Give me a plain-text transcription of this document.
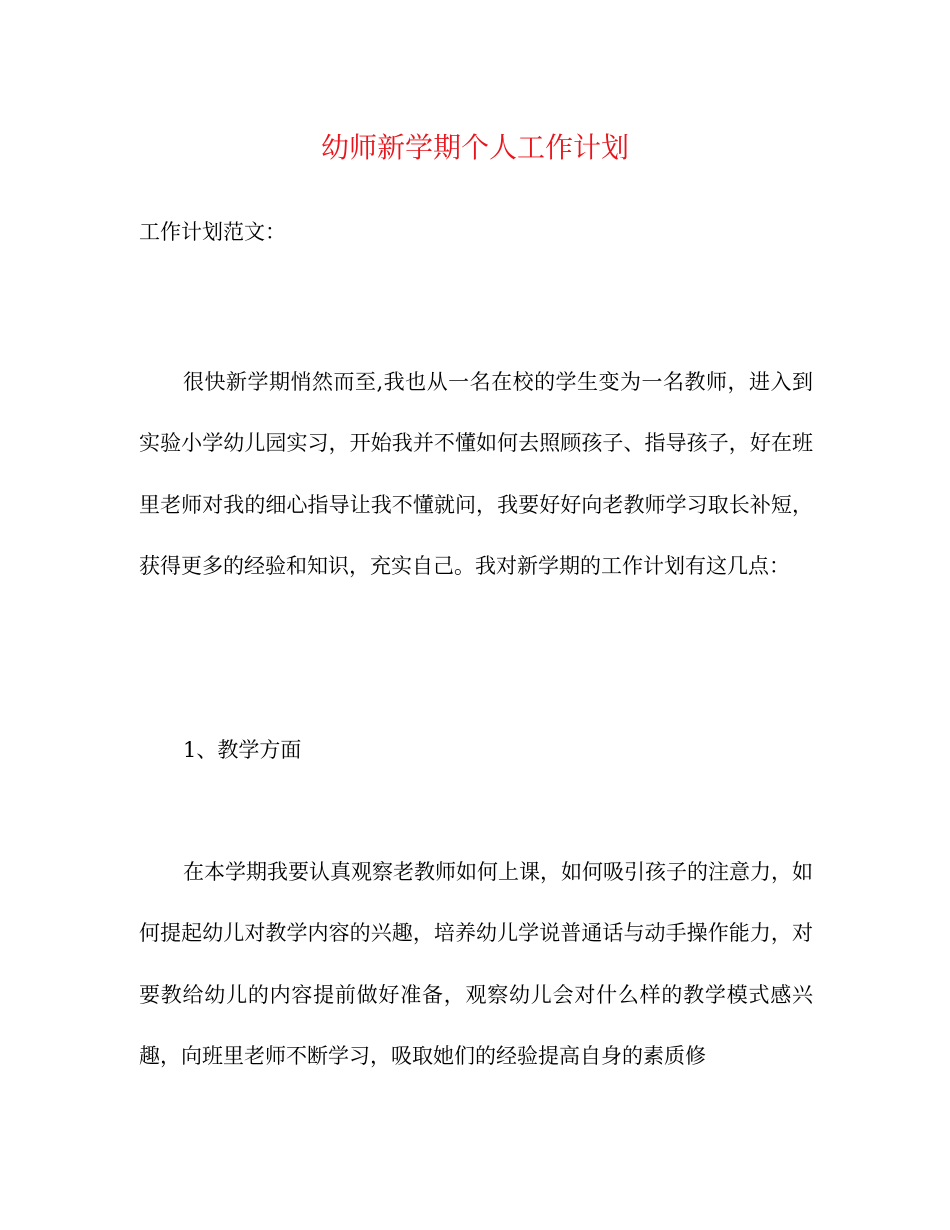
幼师新学期个人工作计划

工作计划范文：

很快新学期悄然而至,我也从一名在校的学生变为一名教师，进入到实验小学幼儿园实习，开始我并不懂如何去照顾孩子、指导孩子，好在班里老师对我的细心指导让我不懂就问，我要好好向老教师学习取长补短，获得更多的经验和知识，充实自己。我对新学期的工作计划有这几点：

1、教学方面

在本学期我要认真观察老教师如何上课，如何吸引孩子的注意力，如何提起幼儿对教学内容的兴趣，培养幼儿学说普通话与动手操作能力，对要教给幼儿的内容提前做好准备，观察幼儿会对什么样的教学模式感兴趣，向班里老师不断学习，吸取她们的经验提高自身的素质修
